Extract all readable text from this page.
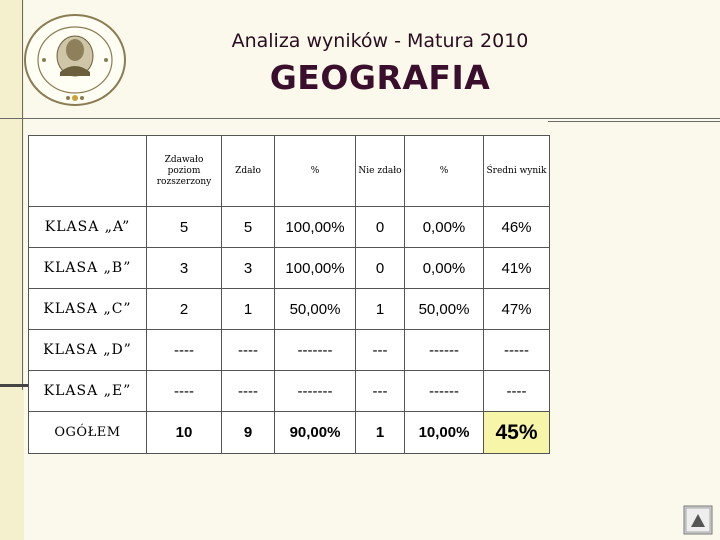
Analiza wyników - Matura 2010
GEOGRAFIA
	Zdawało poziom rozszerzony	Zdało	%	Nie zdało	%	Średni wynik
KLASA „A”	5	5	100,00%	0	0,00%	46%
KLASA „B”	3	3	100,00%	0	0,00%	41%
KLASA „C”	2	1	50,00%	1	50,00%	47%
KLASA „D”	----	----	-------	---	------	-----
KLASA „E”	----	----	-------	---	------	----
OGÓŁEM	10	9	90,00%	1	10,00%	45%
